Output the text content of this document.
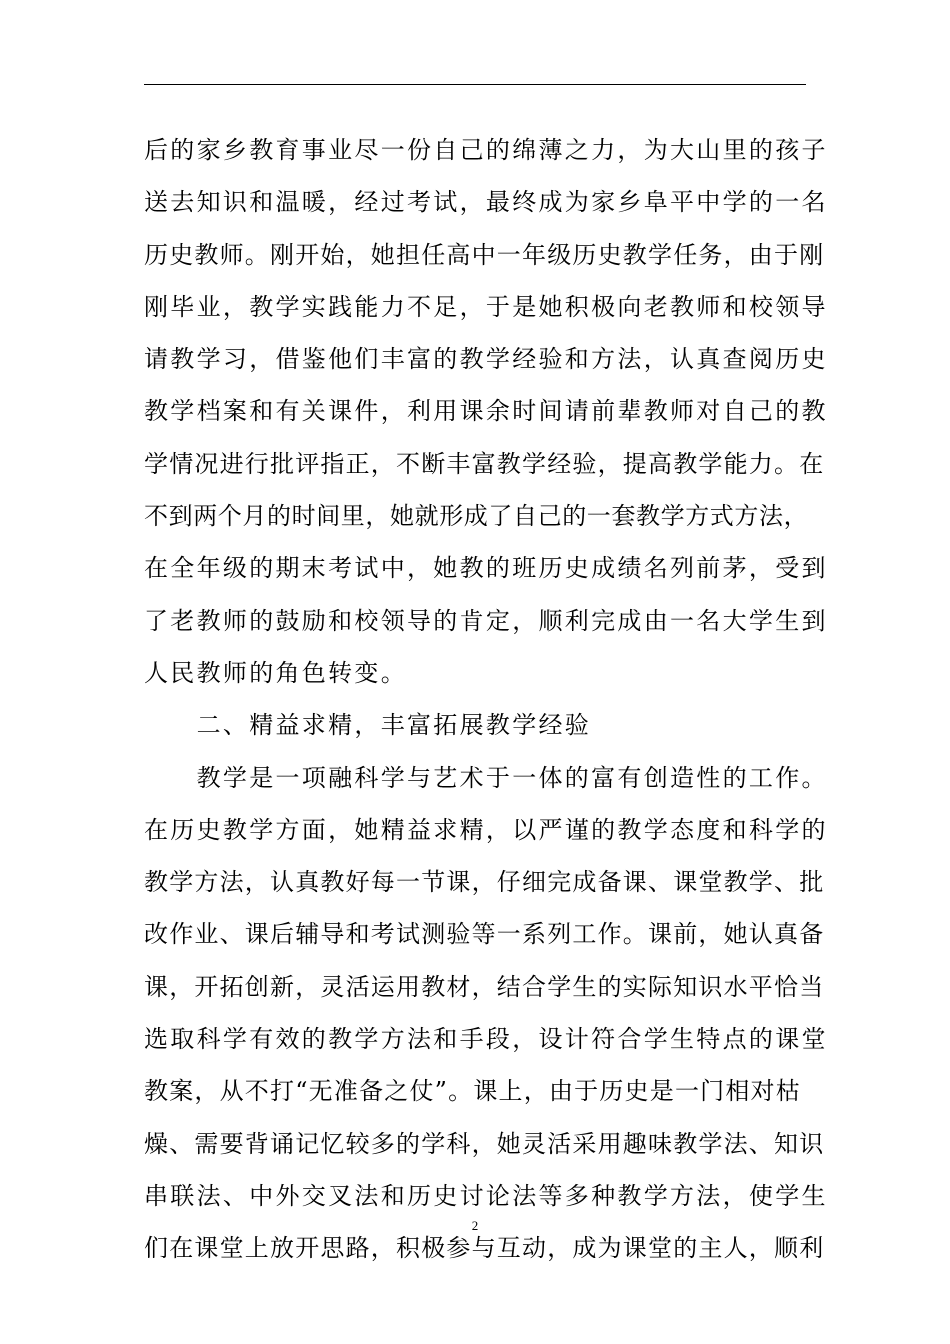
后的家乡教育事业尽一份自己的绵薄之力，为大山里的孩子
送去知识和温暖，经过考试，最终成为家乡阜平中学的一名
历史教师。刚开始，她担任高中一年级历史教学任务，由于刚
刚毕业，教学实践能力不足，于是她积极向老教师和校领导
请教学习，借鉴他们丰富的教学经验和方法，认真查阅历史
教学档案和有关课件，利用课余时间请前辈教师对自己的教
学情况进行批评指正，不断丰富教学经验，提高教学能力。在
不到两个月的时间里，她就形成了自己的一套教学方式方法，
在全年级的期末考试中，她教的班历史成绩名列前茅，受到
了老教师的鼓励和校领导的肯定，顺利完成由一名大学生到
人民教师的角色转变。
　　二、精益求精，丰富拓展教学经验
　　教学是一项融科学与艺术于一体的富有创造性的工作。
在历史教学方面，她精益求精，以严谨的教学态度和科学的
教学方法，认真教好每一节课，仔细完成备课、课堂教学、批
改作业、课后辅导和考试测验等一系列工作。课前，她认真备
课，开拓创新，灵活运用教材，结合学生的实际知识水平恰当
选取科学有效的教学方法和手段，设计符合学生特点的课堂
教案，从不打“无准备之仗”。课上，由于历史是一门相对枯
燥、需要背诵记忆较多的学科，她灵活采用趣味教学法、知识
串联法、中外交叉法和历史讨论法等多种教学方法，使学生
们在课堂上放开思路，积极参与互动，成为课堂的主人，顺利
2
